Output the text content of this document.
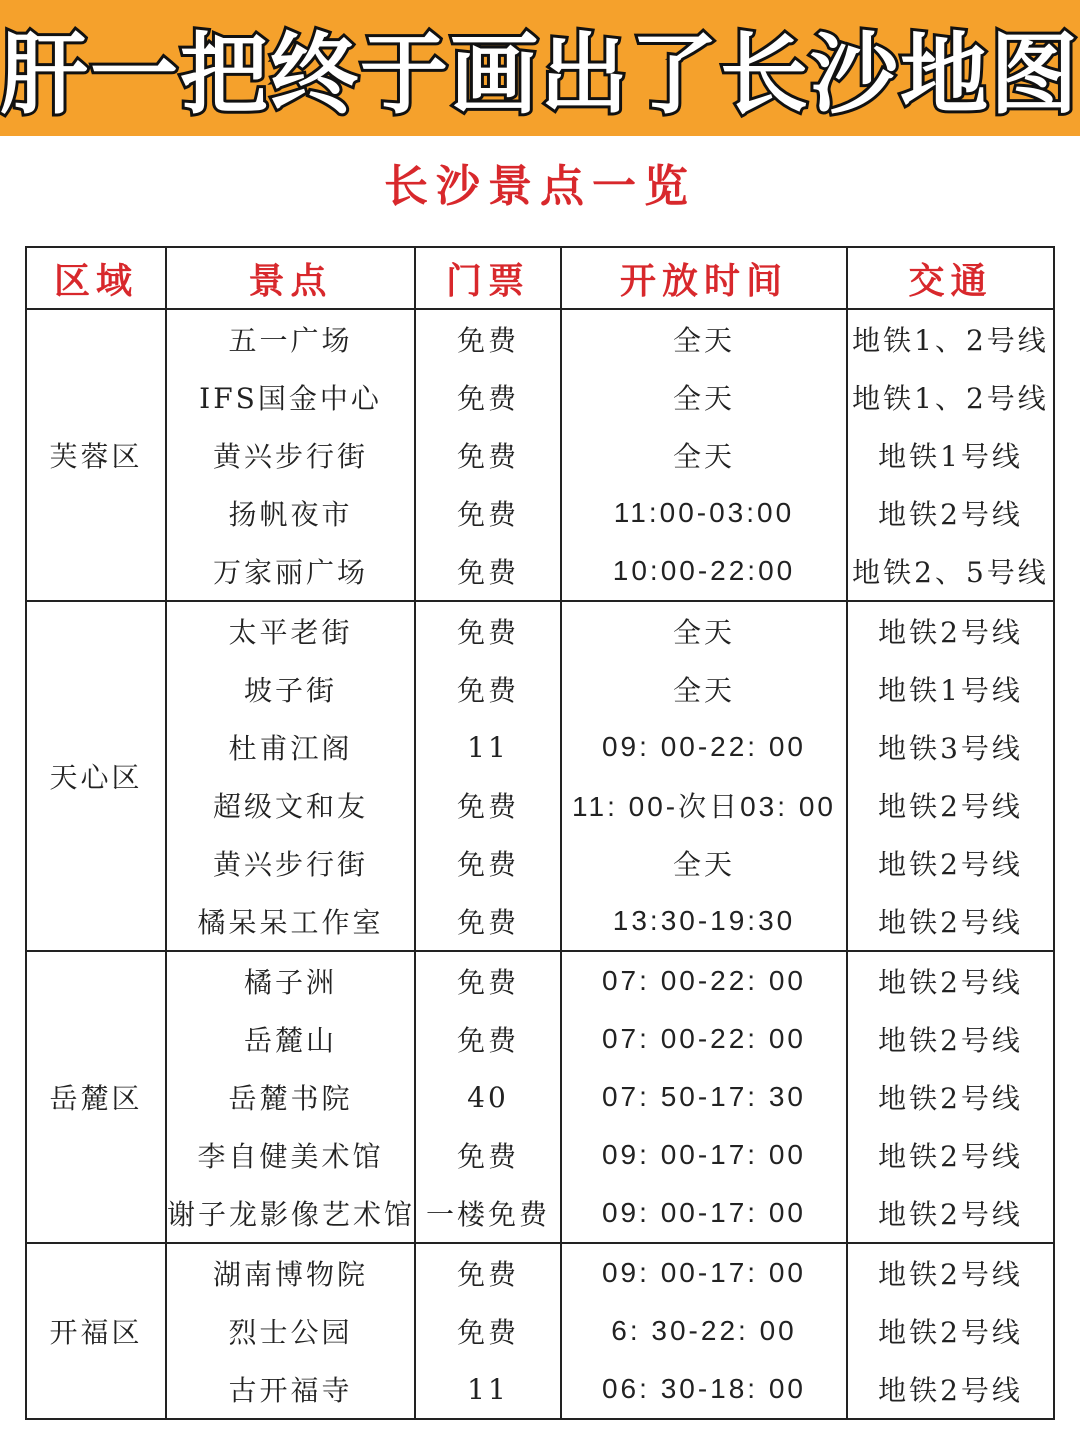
肝一把终于画出了长沙地图
长沙景点一览
区域	景点	门票	开放时间	交通
芙蓉区	五一广场	免费	全天	地铁1、2号线
	IFS国金中心	免费	全天	地铁1、2号线
	黄兴步行街	免费	全天	地铁1号线
	扬帆夜市	免费	11:00-03:00	地铁2号线
	万家丽广场	免费	10:00-22:00	地铁2、5号线
天心区	太平老街	免费	全天	地铁2号线
	坡子街	免费	全天	地铁1号线
	杜甫江阁	11	09: 00-22: 00	地铁3号线
	超级文和友	免费	11: 00-次日03: 00	地铁2号线
	黄兴步行街	免费	全天	地铁2号线
	橘呆呆工作室	免费	13:30-19:30	地铁2号线
岳麓区	橘子洲	免费	07: 00-22: 00	地铁2号线
	岳麓山	免费	07: 00-22: 00	地铁2号线
	岳麓书院	40	07: 50-17: 30	地铁2号线
	李自健美术馆	免费	09: 00-17: 00	地铁2号线
	谢子龙影像艺术馆	一楼免费	09: 00-17: 00	地铁2号线
开福区	湖南博物院	免费	09: 00-17: 00	地铁2号线
	烈士公园	免费	6: 30-22: 00	地铁2号线
	古开福寺	11	06: 30-18: 00	地铁2号线
